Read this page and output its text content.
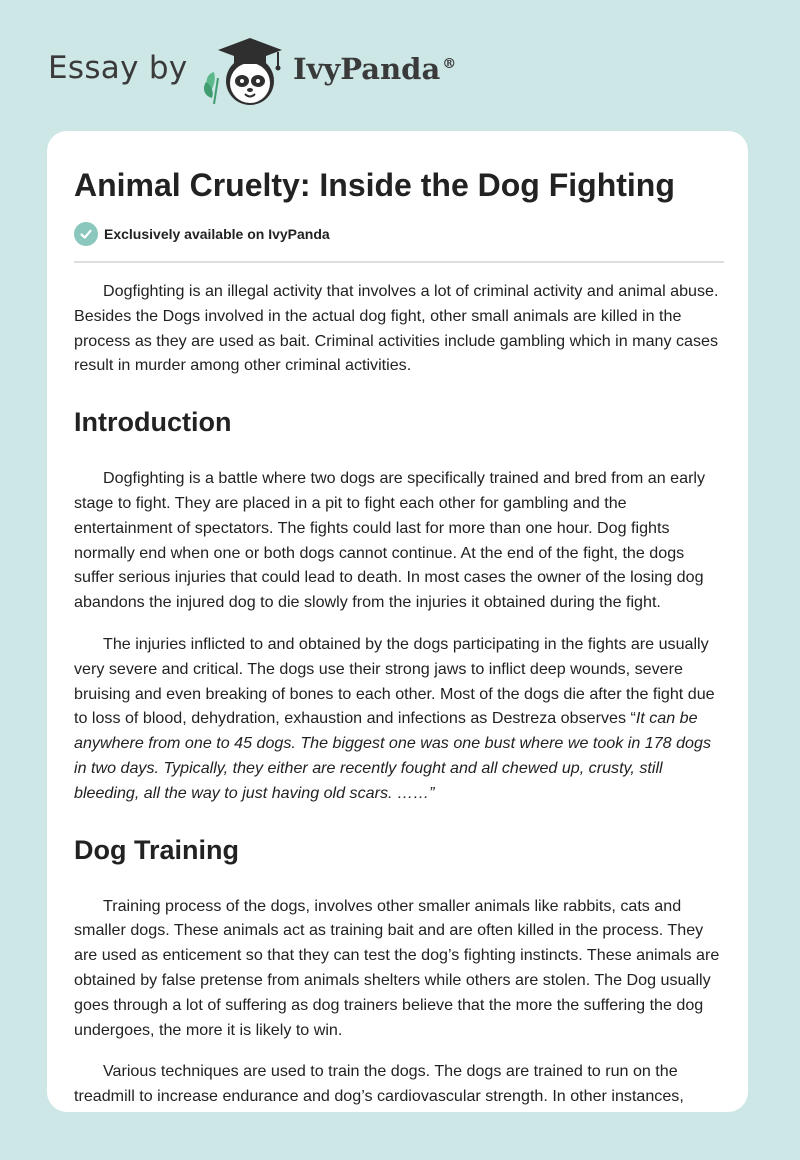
Essay by	IvyPanda ®
Animal Cruelty: Inside the Dog Fighting
Exclusively available on IvyPanda

Dogfighting is an illegal activity that involves a lot of criminal activity and animal abuse. Besides the Dogs involved in the actual dog fight, other small animals are killed in the process as they are used as bait. Criminal activities include gambling which in many cases result in murder among other criminal activities.

Introduction

Dogfighting is a battle where two dogs are specifically trained and bred from an early stage to fight. They are placed in a pit to fight each other for gambling and the entertainment of spectators. The fights could last for more than one hour. Dog fights normally end when one or both dogs cannot continue. At the end of the fight, the dogs suffer serious injuries that could lead to death. In most cases the owner of the losing dog abandons the injured dog to die slowly from the injuries it obtained during the fight.

The injuries inflicted to and obtained by the dogs participating in the fights are usually very severe and critical. The dogs use their strong jaws to inflict deep wounds, severe bruising and even breaking of bones to each other. Most of the dogs die after the fight due to loss of blood, dehydration, exhaustion and infections as Destreza observes “It can be anywhere from one to 45 dogs. The biggest one was one bust where we took in 178 dogs in two days. Typically, they either are recently fought and all chewed up, crusty, still bleeding, all the way to just having old scars. ……”

Dog Training

Training process of the dogs, involves other smaller animals like rabbits, cats and smaller dogs. These animals act as training bait and are often killed in the process. They are used as enticement so that they can test the dog’s fighting instincts. These animals are obtained by false pretense from animals shelters while others are stolen. The Dog usually goes through a lot of suffering as dog trainers believe that the more the suffering the dog undergoes, the more it is likely to win.

Various techniques are used to train the dogs. The dogs are trained to run on the treadmill to increase endurance and dog’s cardiovascular strength. In other instances,
